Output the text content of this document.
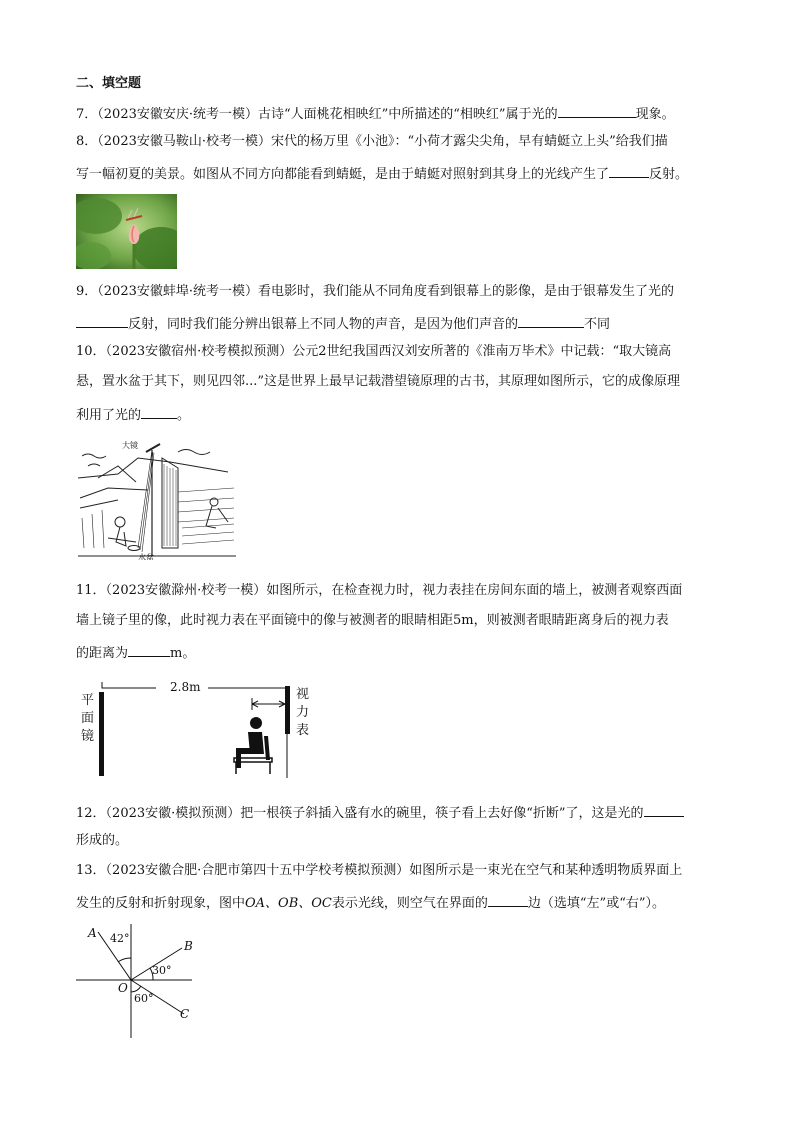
二、填空题
7．（2023安徽安庆·统考一模）古诗“人面桃花相映红”中所描述的“相映红”属于光的	现象。
8．（2023安徽马鞍山·校考一模）宋代的杨万里《小池》：“小荷才露尖尖角，早有蜻蜓立上头”给我们描
写一幅初夏的美景。如图从不同方向都能看到蜻蜓，是由于蜻蜓对照射到其身上的光线产生了	反射。
9．（2023安徽蚌埠·统考一模）看电影时，我们能从不同角度看到银幕上的影像，是由于银幕发生了光的
反射，同时我们能分辨出银幕上不同人物的声音，是因为他们声音的	不同
10．（2023安徽宿州·校考模拟预测）公元2世纪我国西汉刘安所著的《淮南万毕术》中记载：“取大镜高
悬，置水盆于其下，则见四邻...”这是世界上最早记载潜望镜原理的古书，其原理如图所示，它的成像原理
利用了光的	。
大镜
水盆
11．（2023安徽滁州·校考一模）如图所示，在检查视力时，视力表挂在房间东面的墙上，被测者观察西面
墙上镜子里的像，此时视力表在平面镜中的像与被测者的眼睛相距5m，则被测者眼睛距离身后的视力表
的距离为	m。
2.8m
平
面
镜
视
力
表
12．（2023安徽·模拟预测）把一根筷子斜插入盛有水的碗里，筷子看上去好像“折断”了，这是光的
形成的。
13．（2023安徽合肥·合肥市第四十五中学校考模拟预测）如图所示是一束光在空气和某种透明物质界面上
发生的反射和折射现象，图中OA、OB、OC表示光线，则空气在界面的	边（选填“左”或“右”）。
A
B
C
O
42°
30°
60°
